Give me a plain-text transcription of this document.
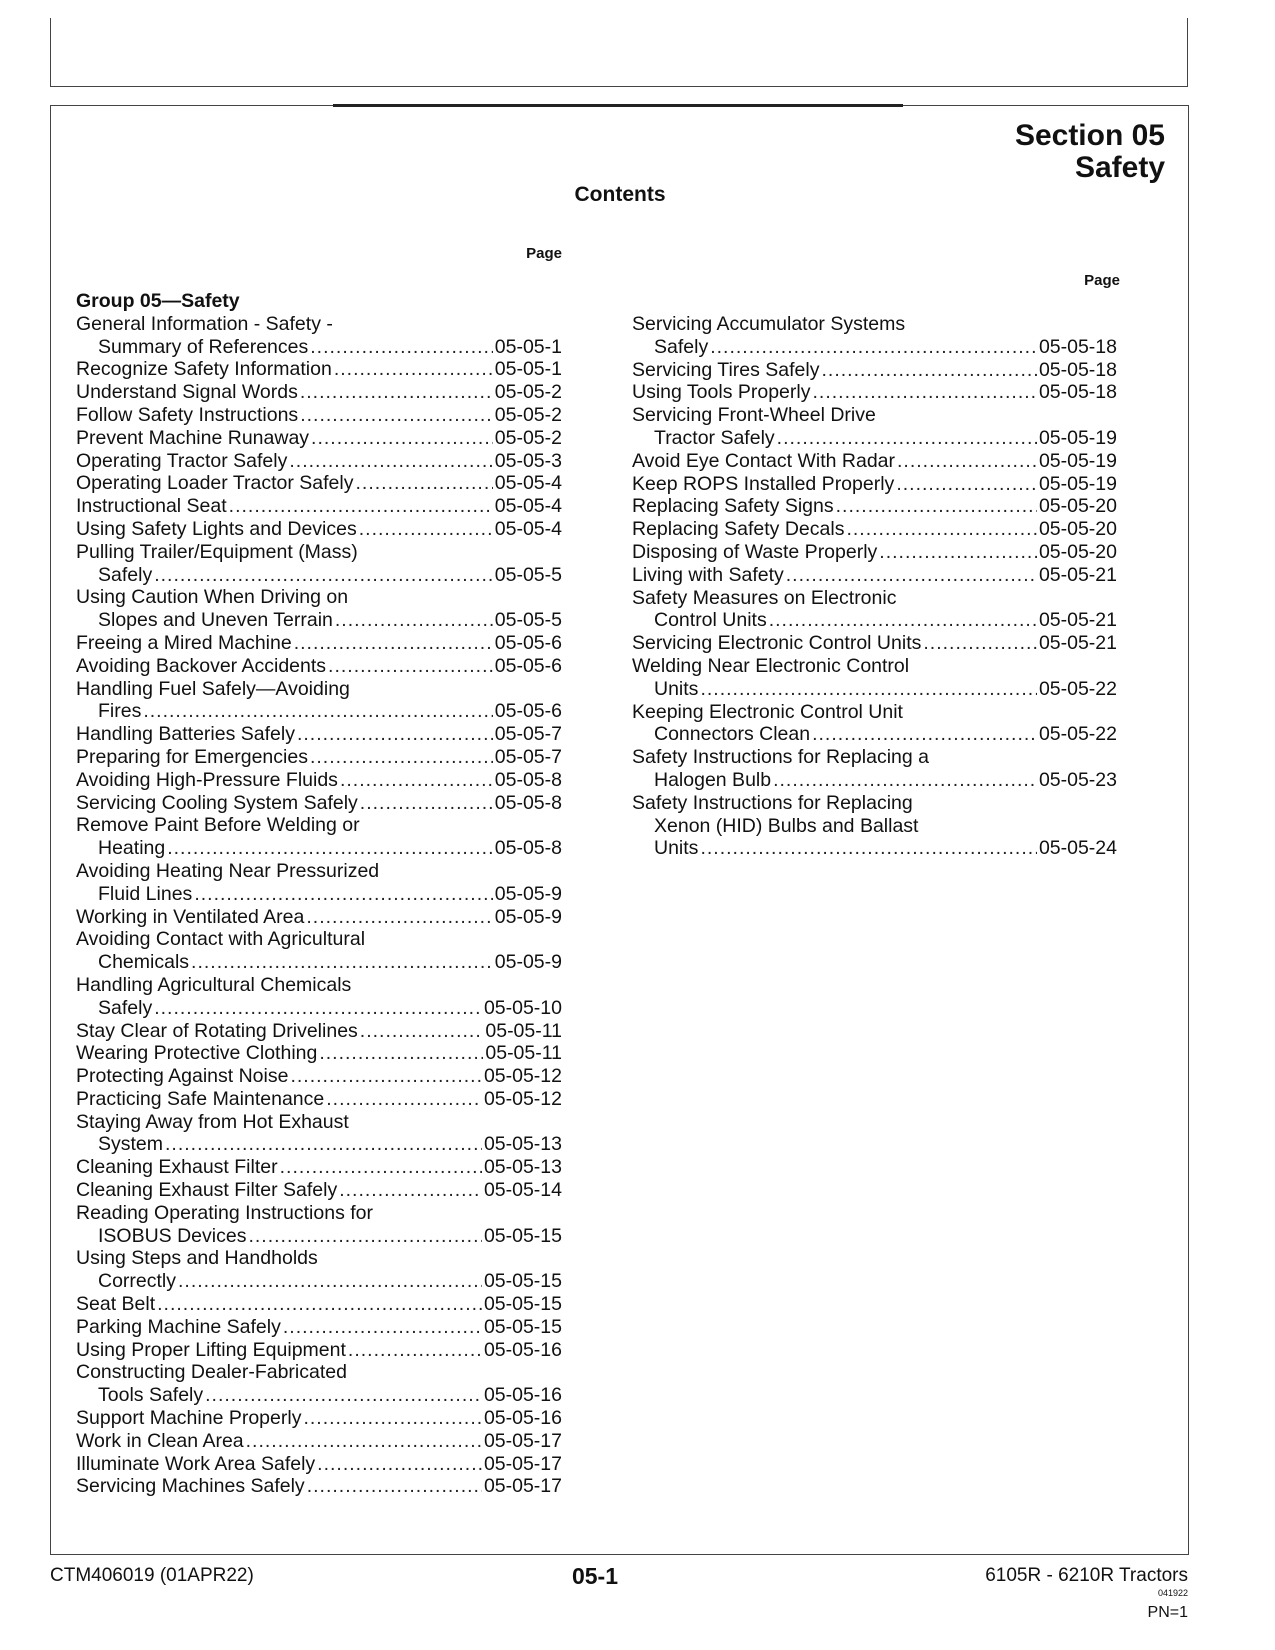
Section 05
Safety
Contents
Page
Page
Group 05—Safety
General Information - Safety -
Summary of References .....	05-05-1
Recognize Safety Information .....	05-05-1
Understand Signal Words .....	05-05-2
Follow Safety Instructions .....	05-05-2
Prevent Machine Runaway .....	05-05-2
Operating Tractor Safely .....	05-05-3
Operating Loader Tractor Safely .....	05-05-4
Instructional Seat .....	05-05-4
Using Safety Lights and Devices .....	05-05-4
Pulling Trailer/Equipment (Mass)
Safely .....	05-05-5
Using Caution When Driving on
Slopes and Uneven Terrain .....	05-05-5
Freeing a Mired Machine .....	05-05-6
Avoiding Backover Accidents .....	05-05-6
Handling Fuel Safely—Avoiding
Fires .....	05-05-6
Handling Batteries Safely .....	05-05-7
Preparing for Emergencies .....	05-05-7
Avoiding High-Pressure Fluids .....	05-05-8
Servicing Cooling System Safely .....	05-05-8
Remove Paint Before Welding or
Heating .....	05-05-8
Avoiding Heating Near Pressurized
Fluid Lines .....	05-05-9
Working in Ventilated Area .....	05-05-9
Avoiding Contact with Agricultural
Chemicals .....	05-05-9
Handling Agricultural Chemicals
Safely .....	05-05-10
Stay Clear of Rotating Drivelines .....	05-05-11
Wearing Protective Clothing .....	05-05-11
Protecting Against Noise .....	05-05-12
Practicing Safe Maintenance .....	05-05-12
Staying Away from Hot Exhaust
System .....	05-05-13
Cleaning Exhaust Filter .....	05-05-13
Cleaning Exhaust Filter Safely .....	05-05-14
Reading Operating Instructions for
ISOBUS Devices .....	05-05-15
Using Steps and Handholds
Correctly .....	05-05-15
Seat Belt .....	05-05-15
Parking Machine Safely .....	05-05-15
Using Proper Lifting Equipment .....	05-05-16
Constructing Dealer-Fabricated
Tools Safely .....	05-05-16
Support Machine Properly .....	05-05-16
Work in Clean Area .....	05-05-17
Illuminate Work Area Safely .....	05-05-17
Servicing Machines Safely .....	05-05-17
Servicing Accumulator Systems
Safely .....	05-05-18
Servicing Tires Safely .....	05-05-18
Using Tools Properly .....	05-05-18
Servicing Front-Wheel Drive
Tractor Safely .....	05-05-19
Avoid Eye Contact With Radar .....	05-05-19
Keep ROPS Installed Properly .....	05-05-19
Replacing Safety Signs .....	05-05-20
Replacing Safety Decals .....	05-05-20
Disposing of Waste Properly .....	05-05-20
Living with Safety .....	05-05-21
Safety Measures on Electronic
Control Units .....	05-05-21
Servicing Electronic Control Units .....	05-05-21
Welding Near Electronic Control
Units .....	05-05-22
Keeping Electronic Control Unit
Connectors Clean .....	05-05-22
Safety Instructions for Replacing a
Halogen Bulb .....	05-05-23
Safety Instructions for Replacing
Xenon (HID) Bulbs and Ballast
Units .....	05-05-24
CTM406019 (01APR22)	05-1	6105R - 6210R Tractors
041922
PN=1
